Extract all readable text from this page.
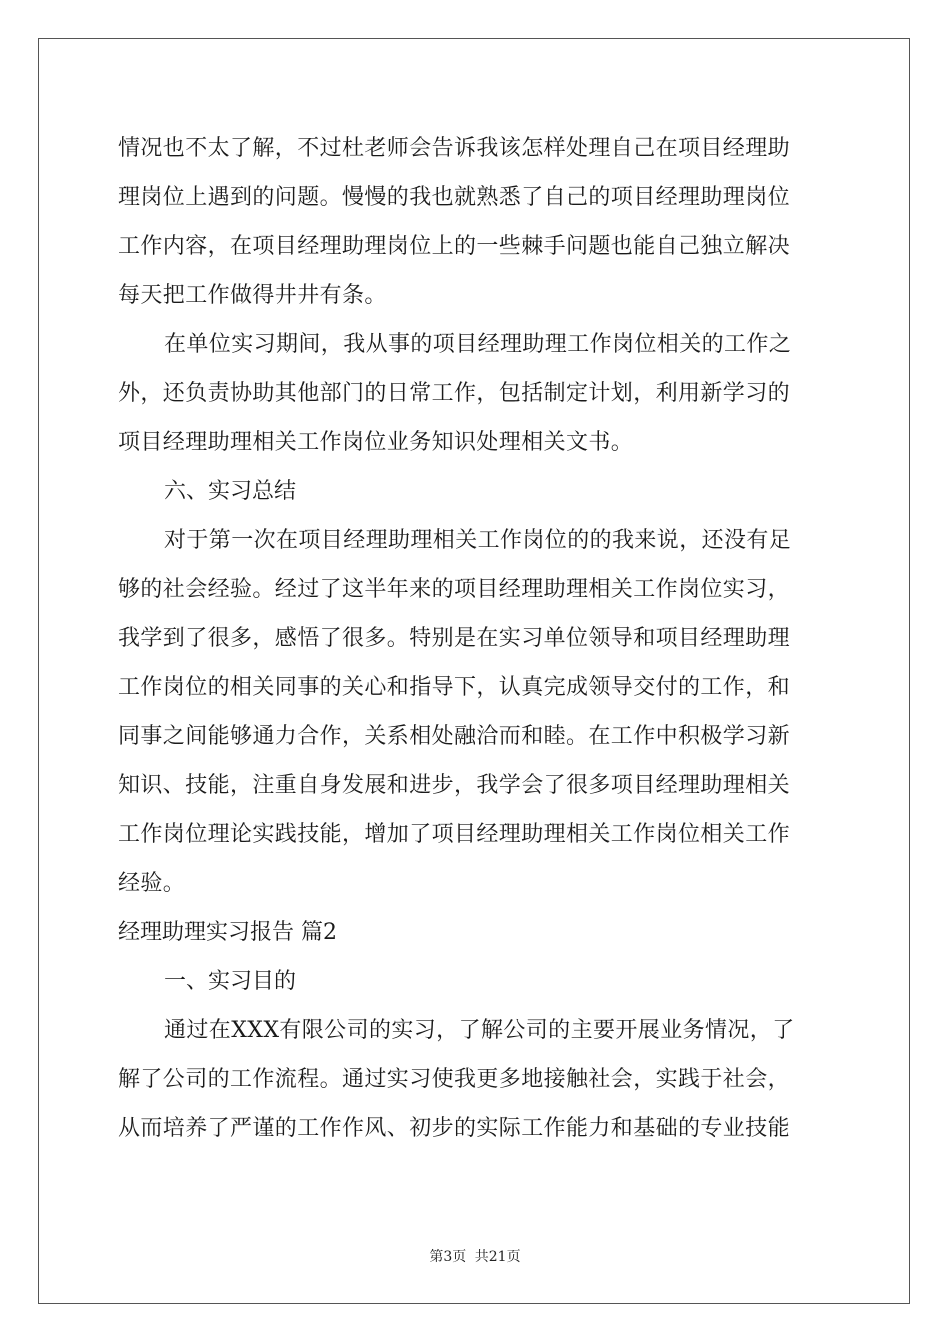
情况也不太了解，不过杜老师会告诉我该怎样处理自己在项目经理助
理岗位上遇到的问题。慢慢的我也就熟悉了自己的项目经理助理岗位
工作内容，在项目经理助理岗位上的一些棘手问题也能自己独立解决
每天把工作做得井井有条。

在单位实习期间，我从事的项目经理助理工作岗位相关的工作之
外，还负责协助其他部门的日常工作，包括制定计划，利用新学习的
项目经理助理相关工作岗位业务知识处理相关文书。

六、实习总结

对于第一次在项目经理助理相关工作岗位的的我来说，还没有足
够的社会经验。经过了这半年来的项目经理助理相关工作岗位实习，
我学到了很多，感悟了很多。特别是在实习单位领导和项目经理助理
工作岗位的相关同事的关心和指导下，认真完成领导交付的工作，和
同事之间能够通力合作，关系相处融洽而和睦。在工作中积极学习新
知识、技能，注重自身发展和进步，我学会了很多项目经理助理相关
工作岗位理论实践技能，增加了项目经理助理相关工作岗位相关工作
经验。

经理助理实习报告 篇2

一、实习目的

通过在XXX有限公司的实习，了解公司的主要开展业务情况，了
解了公司的工作流程。通过实习使我更多地接触社会，实践于社会，
从而培养了严谨的工作作风、初步的实际工作能力和基础的专业技能

第3页 共21页
